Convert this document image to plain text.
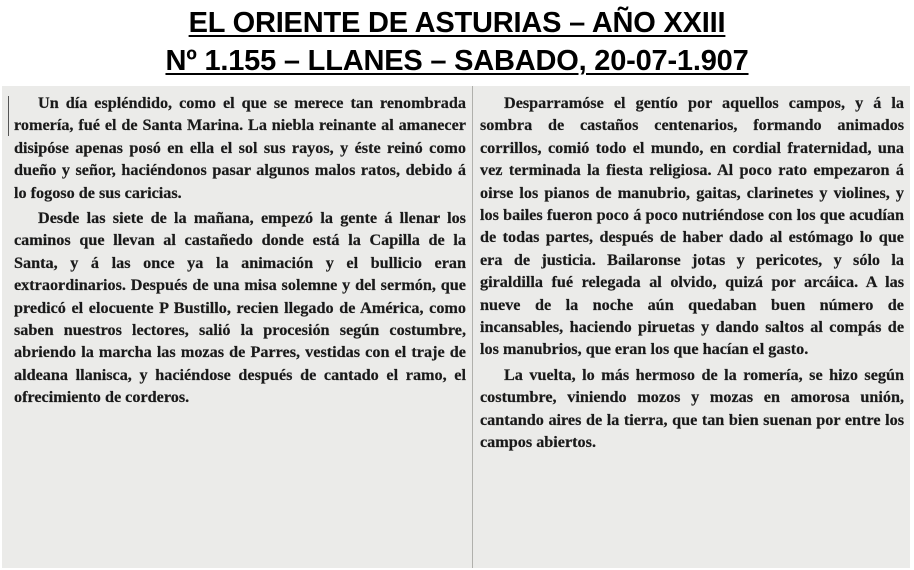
EL ORIENTE DE ASTURIAS – AÑO XXIII
Nº 1.155 – LLANES – SABADO, 20-07-1.907

Un día espléndido, como el que se merece tan renombrada romería, fué el de Santa Marina. La niebla reinante al amanecer disipóse apenas posó en ella el sol sus rayos, y éste reinó como dueño y señor, haciéndonos pasar algunos malos ratos, debido á lo fogoso de sus caricias.

Desde las siete de la mañana, empezó la gente á llenar los caminos que llevan al castañedo donde está la Capilla de la Santa, y á las once ya la animación y el bullicio eran extraordinarios. Después de una misa solemne y del sermón, que predicó el elocuente P Bustillo, recien llegado de América, como saben nuestros lectores, salió la procesión según costumbre, abriendo la marcha las mozas de Parres, vestidas con el traje de aldeana llanisca, y haciéndose después de cantado el ramo, el ofrecimiento de corderos.

Desparramóse el gentío por aquellos campos, y á la sombra de castaños centenarios, formando animados corrillos, comió todo el mundo, en cordial fraternidad, una vez terminada la fiesta religiosa. Al poco rato empezaron á oirse los pianos de manubrio, gaitas, clarinetes y violines, y los bailes fueron poco á poco nutriéndose con los que acudían de todas partes, después de haber dado al estómago lo que era de justicia. Bailaronse jotas y pericotes, y sólo la giraldilla fué relegada al olvido, quizá por arcáica. A las nueve de la noche aún quedaban buen número de incansables, haciendo piruetas y dando saltos al compás de los manubrios, que eran los que hacían el gasto.

La vuelta, lo más hermoso de la romería, se hizo según costumbre, viniendo mozos y mozas en amorosa unión, cantando aires de la tierra, que tan bien suenan por entre los campos abiertos.
